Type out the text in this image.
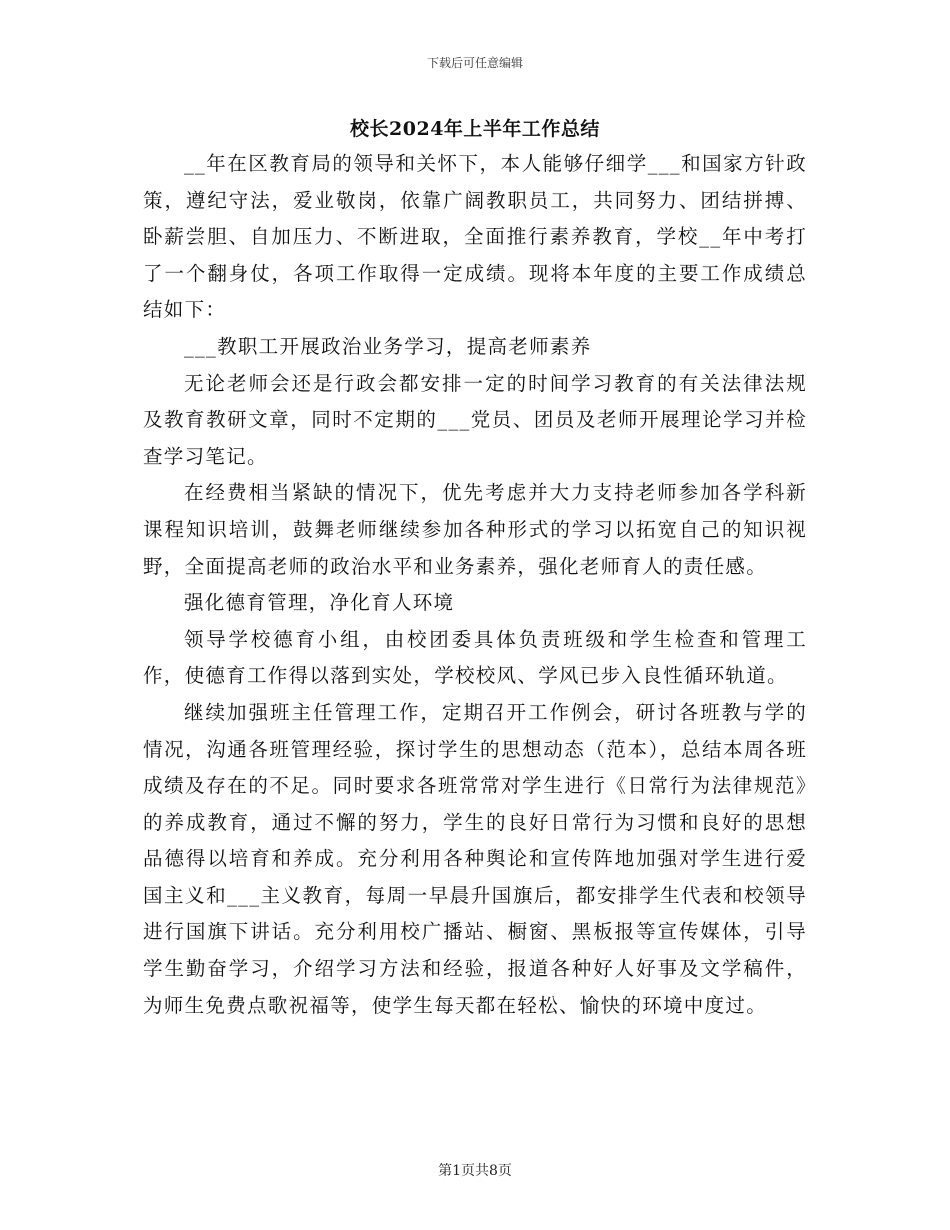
下载后可任意编辑
校长2024年上半年工作总结

__年在区教育局的领导和关怀下，本人能够仔细学___和国家方针政策，遵纪守法，爱业敬岗，依靠广阔教职员工，共同努力、团结拼搏、卧薪尝胆、自加压力、不断进取，全面推行素养教育，学校__年中考打了一个翻身仗，各项工作取得一定成绩。现将本年度的主要工作成绩总结如下：

___教职工开展政治业务学习，提高老师素养

无论老师会还是行政会都安排一定的时间学习教育的有关法律法规及教育教研文章，同时不定期的___党员、团员及老师开展理论学习并检查学习笔记。

在经费相当紧缺的情况下，优先考虑并大力支持老师参加各学科新课程知识培训，鼓舞老师继续参加各种形式的学习以拓宽自己的知识视野，全面提高老师的政治水平和业务素养，强化老师育人的责任感。

强化德育管理，净化育人环境

领导学校德育小组，由校团委具体负责班级和学生检查和管理工作，使德育工作得以落到实处，学校校风、学风已步入良性循环轨道。

继续加强班主任管理工作，定期召开工作例会，研讨各班教与学的情况，沟通各班管理经验，探讨学生的思想动态（范本），总结本周各班成绩及存在的不足。同时要求各班常常对学生进行《日常行为法律规范》的养成教育，通过不懈的努力，学生的良好日常行为习惯和良好的思想品德得以培育和养成。充分利用各种舆论和宣传阵地加强对学生进行爱国主义和___主义教育，每周一早晨升国旗后，都安排学生代表和校领导进行国旗下讲话。充分利用校广播站、橱窗、黑板报等宣传媒体，引导学生勤奋学习，介绍学习方法和经验，报道各种好人好事及文学稿件，为师生免费点歌祝福等，使学生每天都在轻松、愉快的环境中度过。

第1页共8页
